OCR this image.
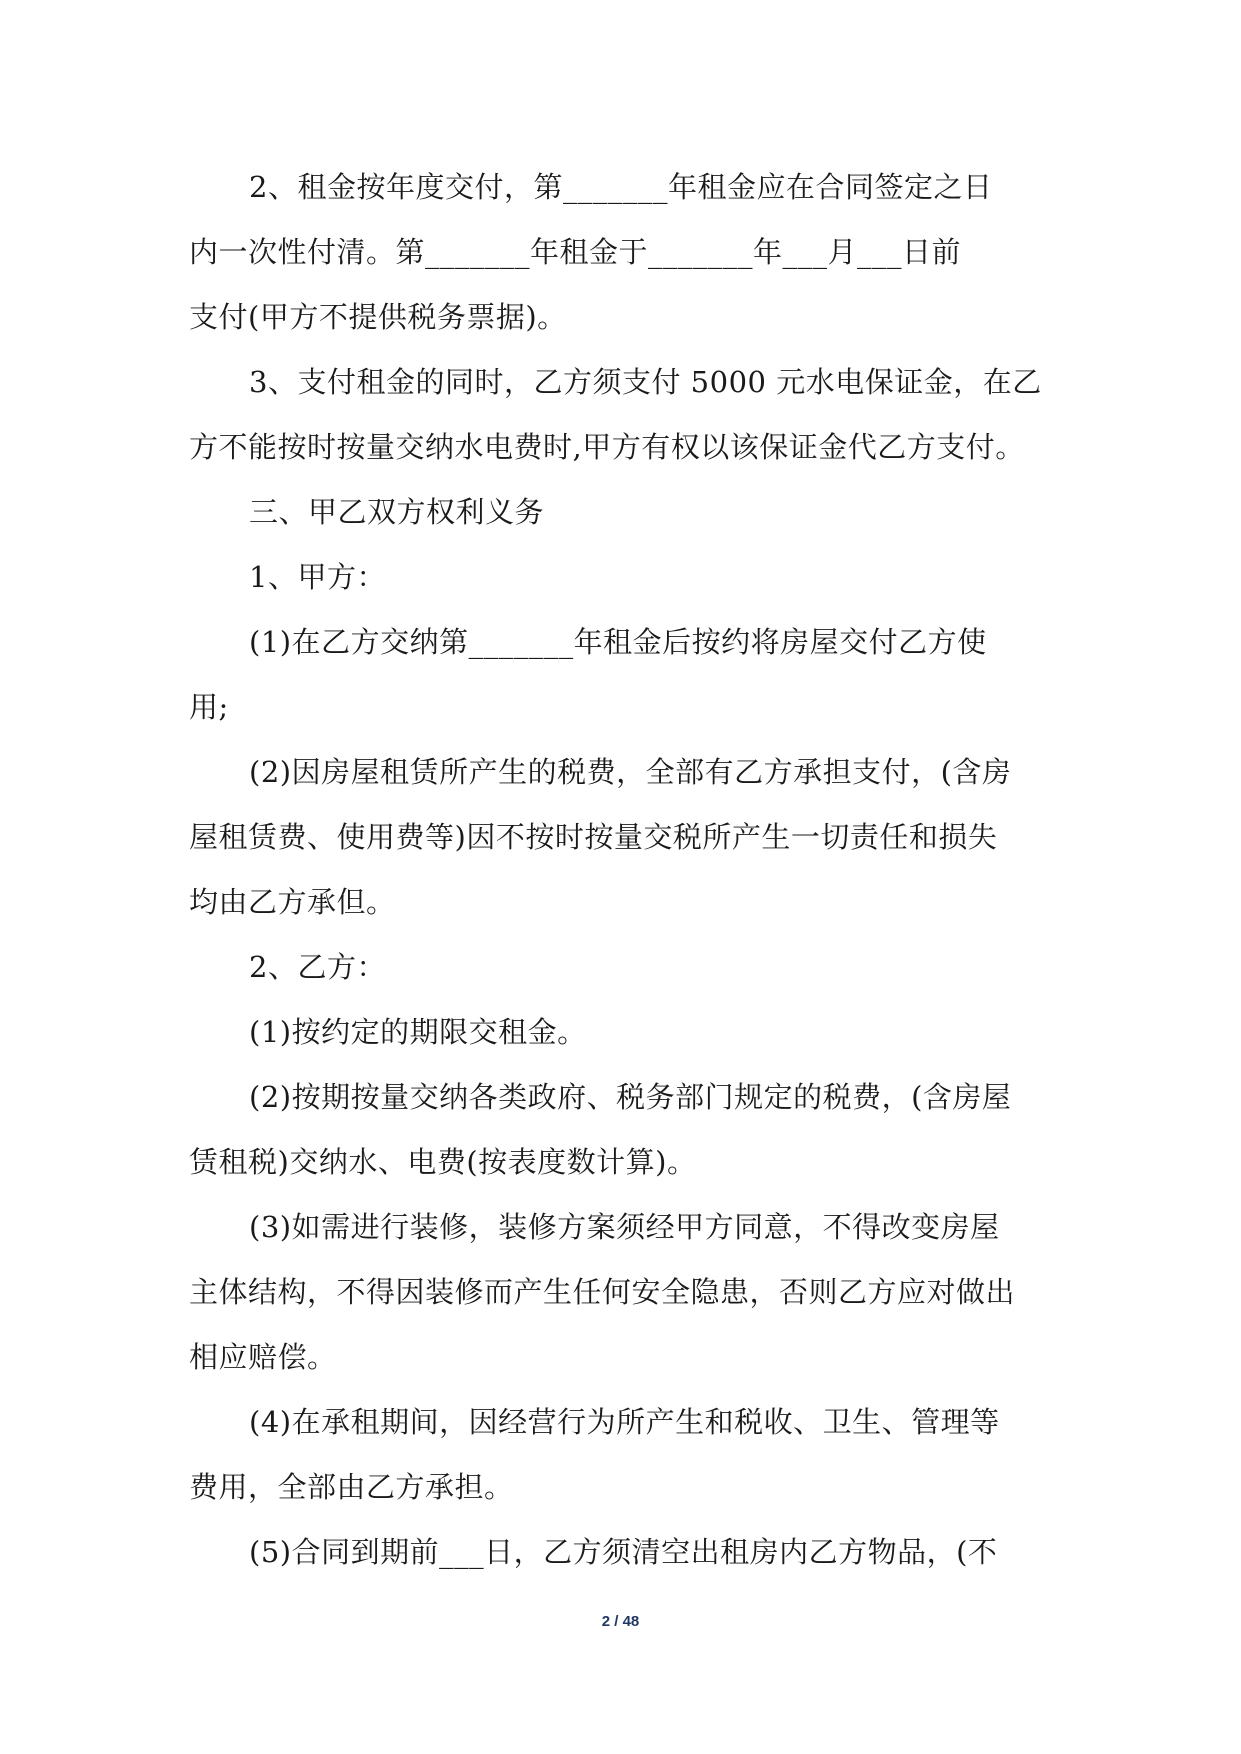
2、租金按年度交付，第_______年租金应在合同签定之日
内一次性付清。第_______年租金于_______年___月___日前
支付(甲方不提供税务票据)。
3、支付租金的同时，乙方须支付 5000 元水电保证金，在乙
方不能按时按量交纳水电费时,甲方有权以该保证金代乙方支付。
三、甲乙双方权利义务
1、甲方：
(1)在乙方交纳第_______年租金后按约将房屋交付乙方使
用;
(2)因房屋租赁所产生的税费，全部有乙方承担支付，(含房
屋租赁费、使用费等)因不按时按量交税所产生一切责任和损失
均由乙方承但。
2、乙方：
(1)按约定的期限交租金。
(2)按期按量交纳各类政府、税务部门规定的税费，(含房屋
赁租税)交纳水、电费(按表度数计算)。
(3)如需进行装修，装修方案须经甲方同意，不得改变房屋
主体结构，不得因装修而产生任何安全隐患，否则乙方应对做出
相应赔偿。
(4)在承租期间，因经营行为所产生和税收、卫生、管理等
费用，全部由乙方承担。
(5)合同到期前___日，乙方须清空出租房内乙方物品，(不
2 / 48
